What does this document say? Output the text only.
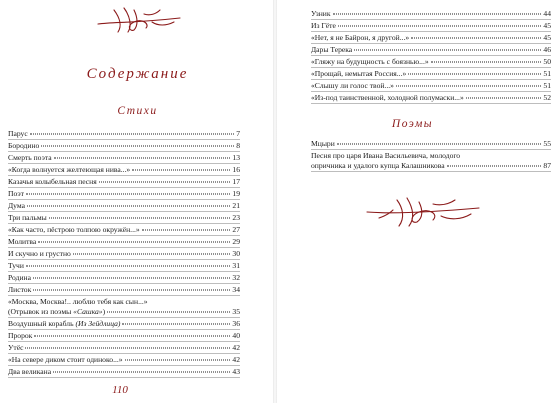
Содержание
Стихи
Парус	7
Бородино	8
Смерть поэта	13
«Когда волнуется желтеющая нива...»	16
Казачья колыбельная песня	17
Поэт	19
Дума	21
Три пальмы	23
«Как часто, пёстрою толпою окружён...»	27
Молитва	29
И скучно и грустно	30
Тучи	31
Родина	32
Листок	34
«Москва, Москва!.. люблю тебя как сын...»
(Отрывок из поэмы «Сашка»)	35
Воздушный корабль (Из Зейдлица)	36
Пророк	40
Утёс	42
«На севере диком стоит одиноко...»	42
Два великана	43
110
Узник	44
Из Гёте	45
«Нет, я не Байрон, я другой...»	45
Дары Терека	46
«Гляжу на будущность с боязнью...»	50
«Прощай, немытая Россия...»	51
«Слышу ли голос твой...»	51
«Из-под таинственной, холодной полумаски...»	52
Поэмы
Мцыри	55
Песня про царя Ивана Васильевича, молодого
опричника и удалого купца Калашникова	87
